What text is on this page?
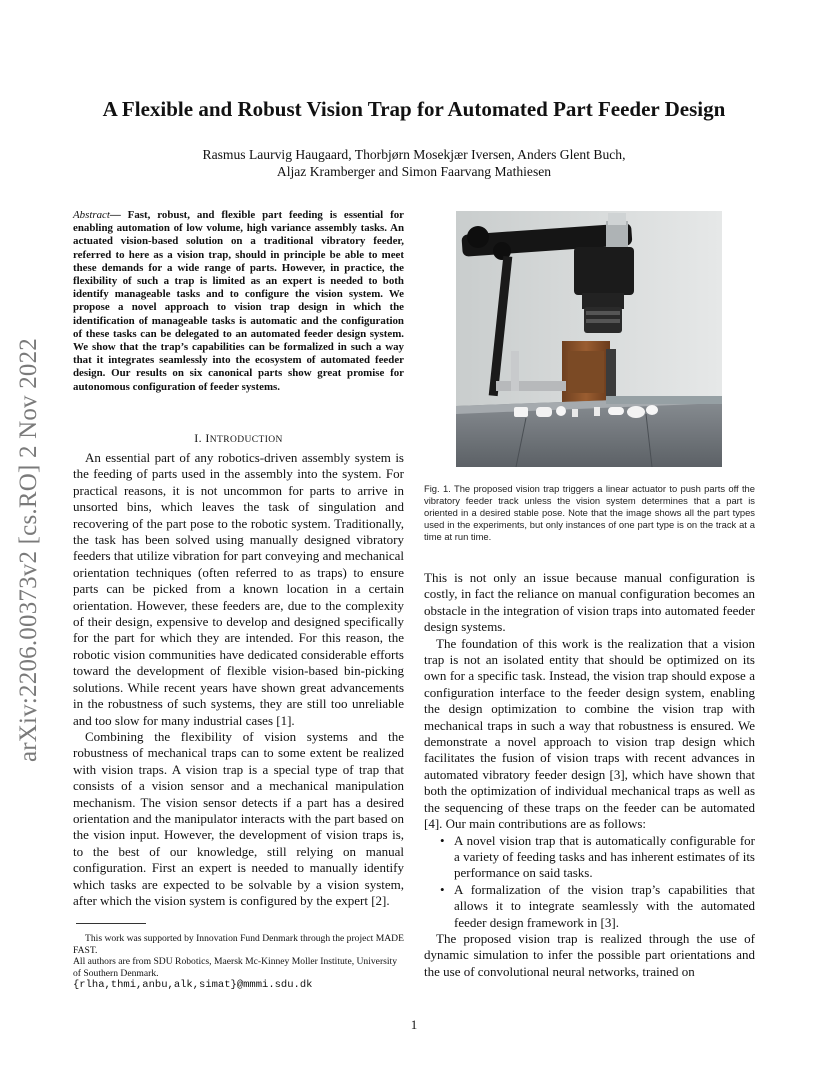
arXiv:2206.00373v2 [cs.RO] 2 Nov 2022
A Flexible and Robust Vision Trap for Automated Part Feeder Design
Rasmus Laurvig Haugaard, Thorbjørn Mosekjær Iversen, Anders Glent Buch,
Aljaz Kramberger and Simon Faarvang Mathiesen
Abstract— Fast, robust, and flexible part feeding is essential for enabling automation of low volume, high variance assembly tasks. An actuated vision-based solution on a traditional vibratory feeder, referred to here as a vision trap, should in principle be able to meet these demands for a wide range of parts. However, in practice, the flexibility of such a trap is limited as an expert is needed to both identify manageable tasks and to configure the vision system. We propose a novel approach to vision trap design in which the identification of manageable tasks is automatic and the configuration of these tasks can be delegated to an automated feeder design system. We show that the trap’s capabilities can be formalized in such a way that it integrates seamlessly into the ecosystem of automated feeder design. Our results on six canonical parts show great promise for autonomous configuration of feeder systems.
I. INTRODUCTION

An essential part of any robotics-driven assembly system is the feeding of parts used in the assembly into the system. For practical reasons, it is not uncommon for parts to arrive in unsorted bins, which leaves the task of singulation and recovering of the part pose to the robotic system. Traditionally, the task has been solved using manually designed vibratory feeders that utilize vibration for part conveying and mechanical orientation techniques (often referred to as traps) to ensure parts can be picked from a known location in a certain orientation. However, these feeders are, due to the complexity of their design, expensive to develop and designed specifically for the part for which they are intended. For this reason, the robotic vision communities have dedicated considerable efforts toward the development of flexible vision-based bin-picking solutions. While recent years have shown great advancements in the robustness of such systems, they are still too unreliable and too slow for many industrial cases [1].

Combining the flexibility of vision systems and the robustness of mechanical traps can to some extent be realized with vision traps. A vision trap is a special type of trap that consists of a vision sensor and a mechanical manipulation mechanism. The vision sensor detects if a part has a desired orientation and the manipulator interacts with the part based on the vision input. However, the development of vision traps is, to the best of our knowledge, still relying on manual configuration. First an expert is needed to manually identify which tasks are expected to be solvable by a vision system, after which the vision system is configured by the expert [2].

This work was supported by Innovation Fund Denmark through the project MADE FAST.
All authors are from SDU Robotics, Maersk Mc-Kinney Moller Institute, University of Southern Denmark.
{rlha,thmi,anbu,alk,simat}@mmmi.sdu.dk
Fig. 1. The proposed vision trap triggers a linear actuator to push parts off the vibratory feeder track unless the vision system determines that a part is oriented in a desired stable pose. Note that the image shows all the part types used in the experiments, but only instances of one part type is on the track at a time at run time.

This is not only an issue because manual configuration is costly, in fact the reliance on manual configuration becomes an obstacle in the integration of vision traps into automated feeder design systems.

The foundation of this work is the realization that a vision trap is not an isolated entity that should be optimized on its own for a specific task. Instead, the vision trap should expose a configuration interface to the feeder design system, enabling the design optimization to combine the vision trap with mechanical traps in such a way that robustness is ensured. We demonstrate a novel approach to vision trap design which facilitates the fusion of vision traps with recent advances in automated vibratory feeder design [3], which have shown that both the optimization of individual mechanical traps as well as the sequencing of these traps on the feeder can be automated [4]. Our main contributions are as follows:

• A novel vision trap that is automatically configurable for a variety of feeding tasks and has inherent estimates of its performance on said tasks.
• A formalization of the vision trap’s capabilities that allows it to integrate seamlessly with the automated feeder design framework in [3].

The proposed vision trap is realized through the use of dynamic simulation to infer the possible part orientations and the use of convolutional neural networks, trained on

1
